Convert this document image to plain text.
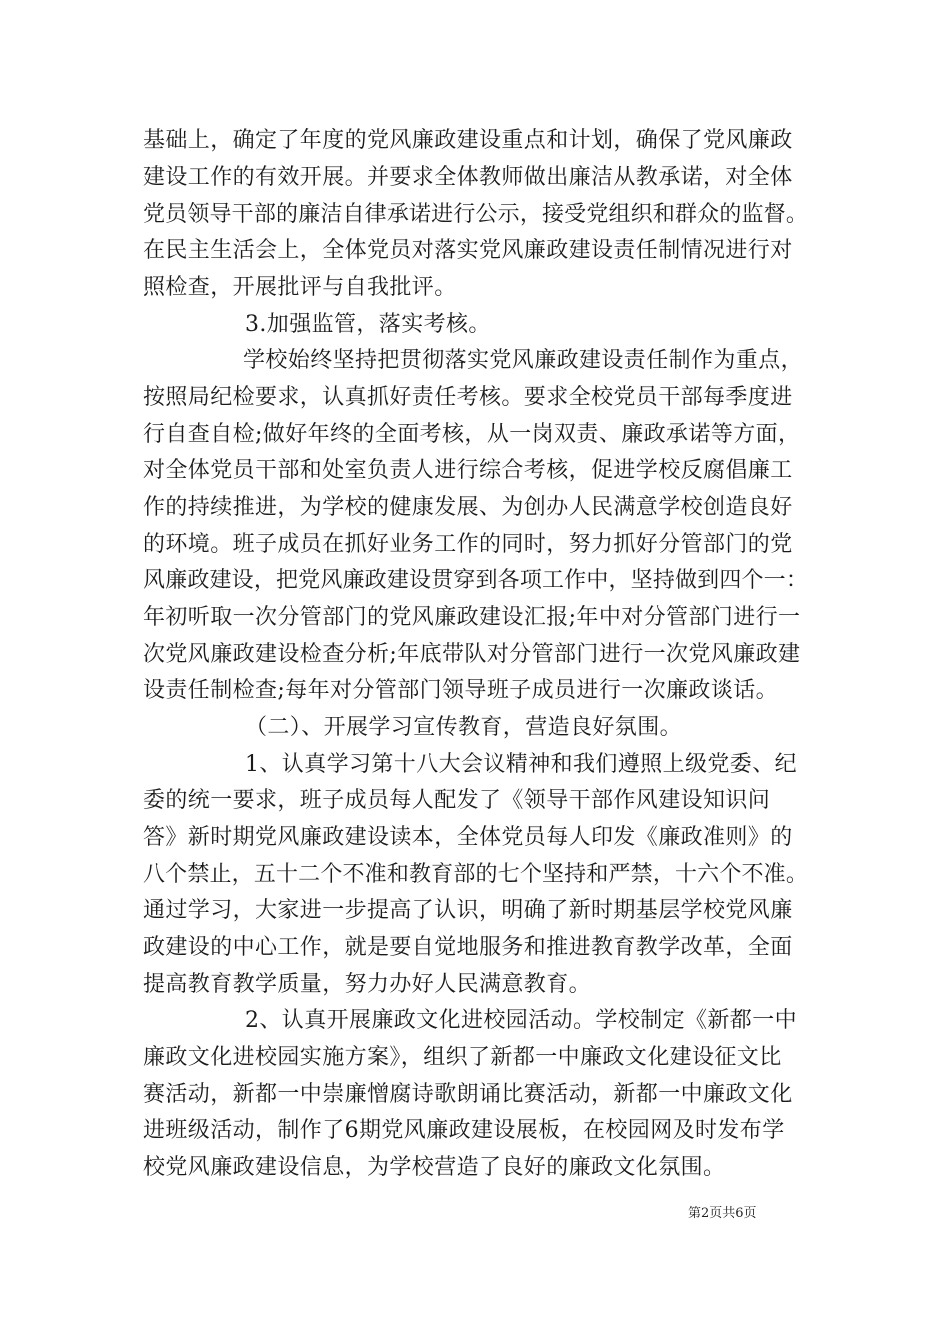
基础上，确定了年度的党风廉政建设重点和计划，确保了党风廉政
建设工作的有效开展。并要求全体教师做出廉洁从教承诺，对全体
党员领导干部的廉洁自律承诺进行公示，接受党组织和群众的监督。
在民主生活会上，全体党员对落实党风廉政建设责任制情况进行对
照检查，开展批评与自我批评。
3.加强监管，落实考核。
学校始终坚持把贯彻落实党风廉政建设责任制作为重点，
按照局纪检要求，认真抓好责任考核。要求全校党员干部每季度进
行自查自检;做好年终的全面考核，从一岗双责、廉政承诺等方面，
对全体党员干部和处室负责人进行综合考核，促进学校反腐倡廉工
作的持续推进，为学校的健康发展、为创办人民满意学校创造良好
的环境。班子成员在抓好业务工作的同时，努力抓好分管部门的党
风廉政建设，把党风廉政建设贯穿到各项工作中，坚持做到四个一：
年初听取一次分管部门的党风廉政建设汇报;年中对分管部门进行一
次党风廉政建设检查分析;年底带队对分管部门进行一次党风廉政建
设责任制检查;每年对分管部门领导班子成员进行一次廉政谈话。
（二）、开展学习宣传教育，营造良好氛围。
1、认真学习第十八大会议精神和我们遵照上级党委、纪
委的统一要求，班子成员每人配发了《领导干部作风建设知识问
答》新时期党风廉政建设读本，全体党员每人印发《廉政准则》的
八个禁止，五十二个不准和教育部的七个坚持和严禁，十六个不准。
通过学习，大家进一步提高了认识，明确了新时期基层学校党风廉
政建设的中心工作，就是要自觉地服务和推进教育教学改革，全面
提高教育教学质量，努力办好人民满意教育。
2、认真开展廉政文化进校园活动。学校制定《新都一中
廉政文化进校园实施方案》，组织了新都一中廉政文化建设征文比
赛活动，新都一中崇廉憎腐诗歌朗诵比赛活动，新都一中廉政文化
进班级活动，制作了6期党风廉政建设展板，在校园网及时发布学
校党风廉政建设信息，为学校营造了良好的廉政文化氛围。
第2页共6页
